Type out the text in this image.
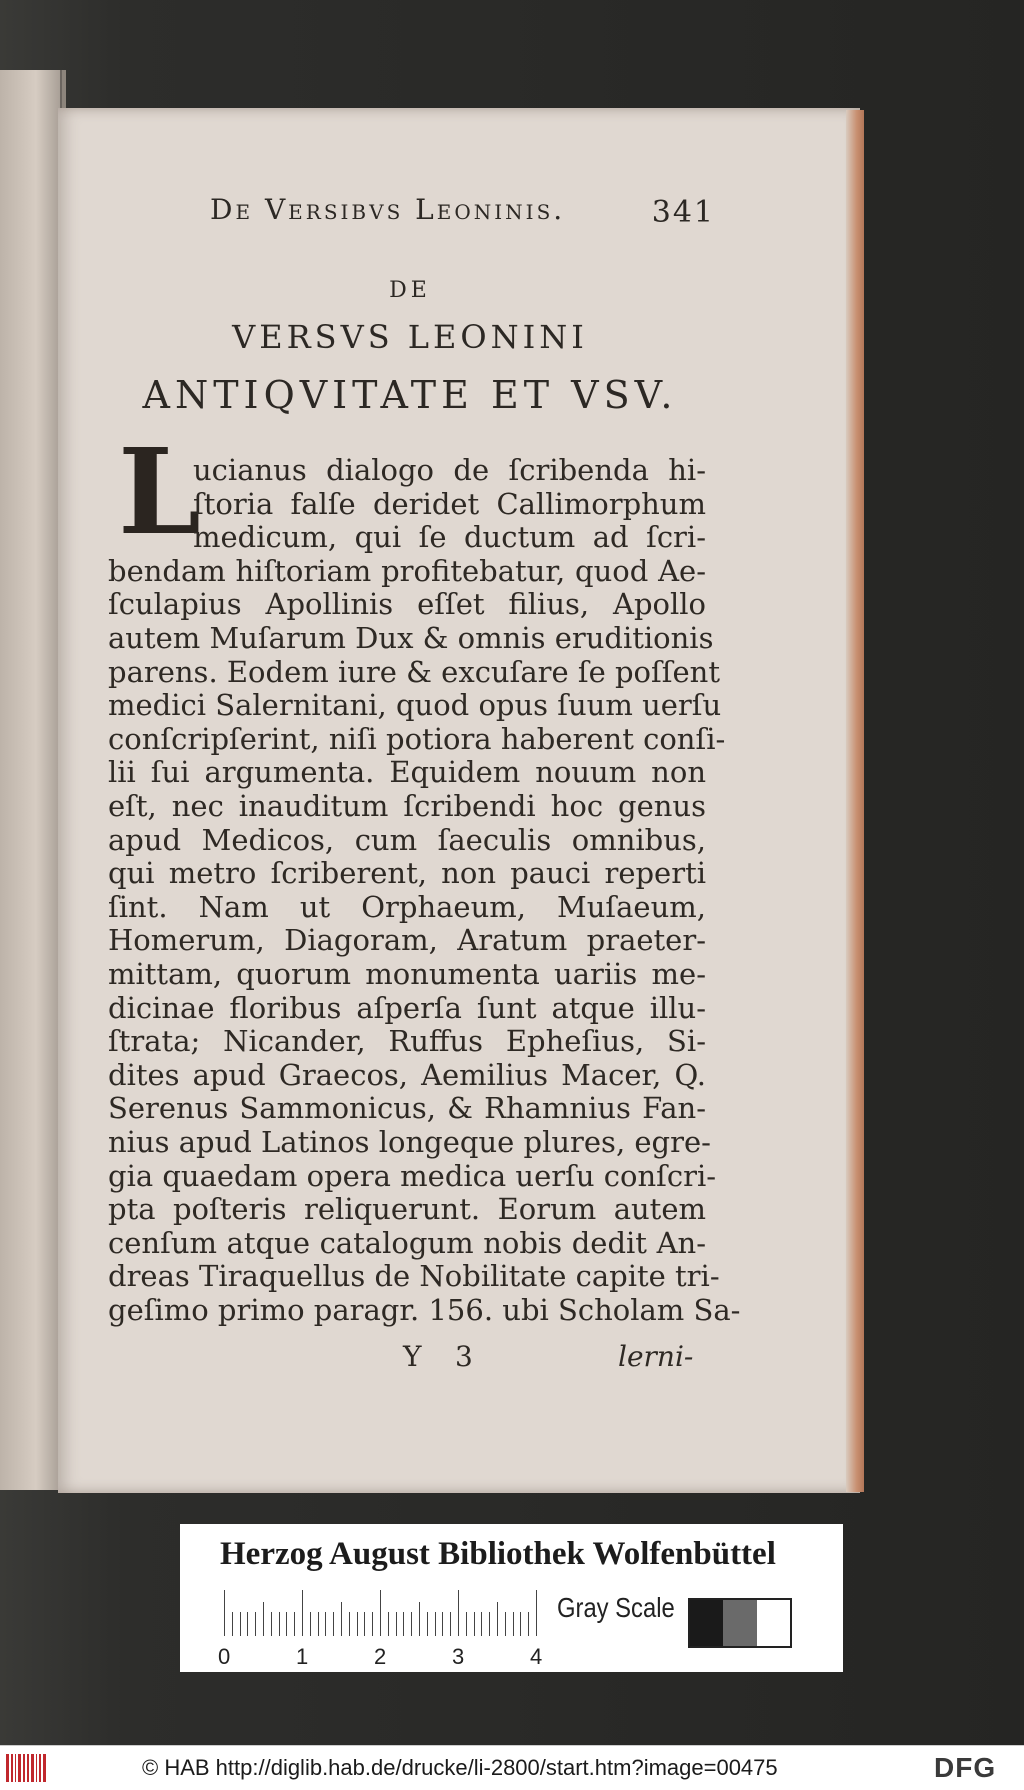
De Versibvs Leoninis.	341
DE
VERSVS LEONINI
ANTIQVITATE ET VSV.
L
ucianus dialogo de ſcribenda hi-
ſtoria falſe deridet Callimorphum
medicum, qui ſe ductum ad ſcri-
bendam hiſtoriam profitebatur, quod Ae-
ſculapius Apollinis eſſet filius, Apollo
autem Muſarum Dux & omnis eruditionis
parens. Eodem iure & excuſare ſe poſſent
medici Salernitani, quod opus ſuum uerſu
conſcripſerint, niſi potiora haberent conſi-
lii ſui argumenta. Equidem nouum non
eſt, nec inauditum ſcribendi hoc genus
apud Medicos, cum ſaeculis omnibus,
qui metro ſcriberent, non pauci reperti
ſint. Nam ut Orphaeum, Muſaeum,
Homerum, Diagoram, Aratum praeter-
mittam, quorum monumenta uariis me-
dicinae floribus aſperſa ſunt atque illu-
ſtrata; Nicander, Ruffus Epheſius, Si-
dites apud Graecos, Aemilius Macer, Q.
Serenus Sammonicus, & Rhamnius Fan-
nius apud Latinos longeque plures, egre-
gia quaedam opera medica uerſu conſcri-
pta poſteris reliquerunt. Eorum autem
cenſum atque catalogum nobis dedit An-
dreas Tiraquellus de Nobilitate capite tri-
geſimo primo paragr. 156. ubi Scholam Sa-
Y 3	lerni-
Herzog August Bibliothek Wolfenbüttel
0	1	2	3	4
Gray Scale
© HAB http://diglib.hab.de/drucke/li-2800/start.htm?image=00475	DFG
